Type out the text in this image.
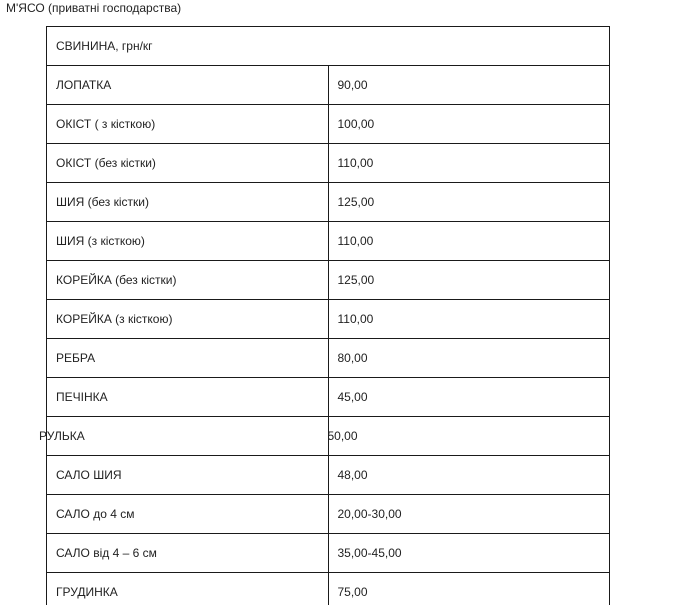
М'ЯСО (приватні господарства)
СВИНИНА, грн/кг	
ЛОПАТКА	90,00
ОКІСТ ( з кісткою)	100,00
ОКІСТ (без кістки)	110,00
ШИЯ (без кістки)	125,00
ШИЯ (з кісткою)	110,00
КОРЕЙКА (без кістки)	125,00
КОРЕЙКА (з кісткою)	110,00
РЕБРА	80,00
ПЕЧІНКА	45,00
РУЛЬКА	50,00
САЛО ШИЯ	48,00
САЛО до 4 см	20,00-30,00
САЛО від 4 – 6 см	35,00-45,00
ГРУДИНКА	75,00
